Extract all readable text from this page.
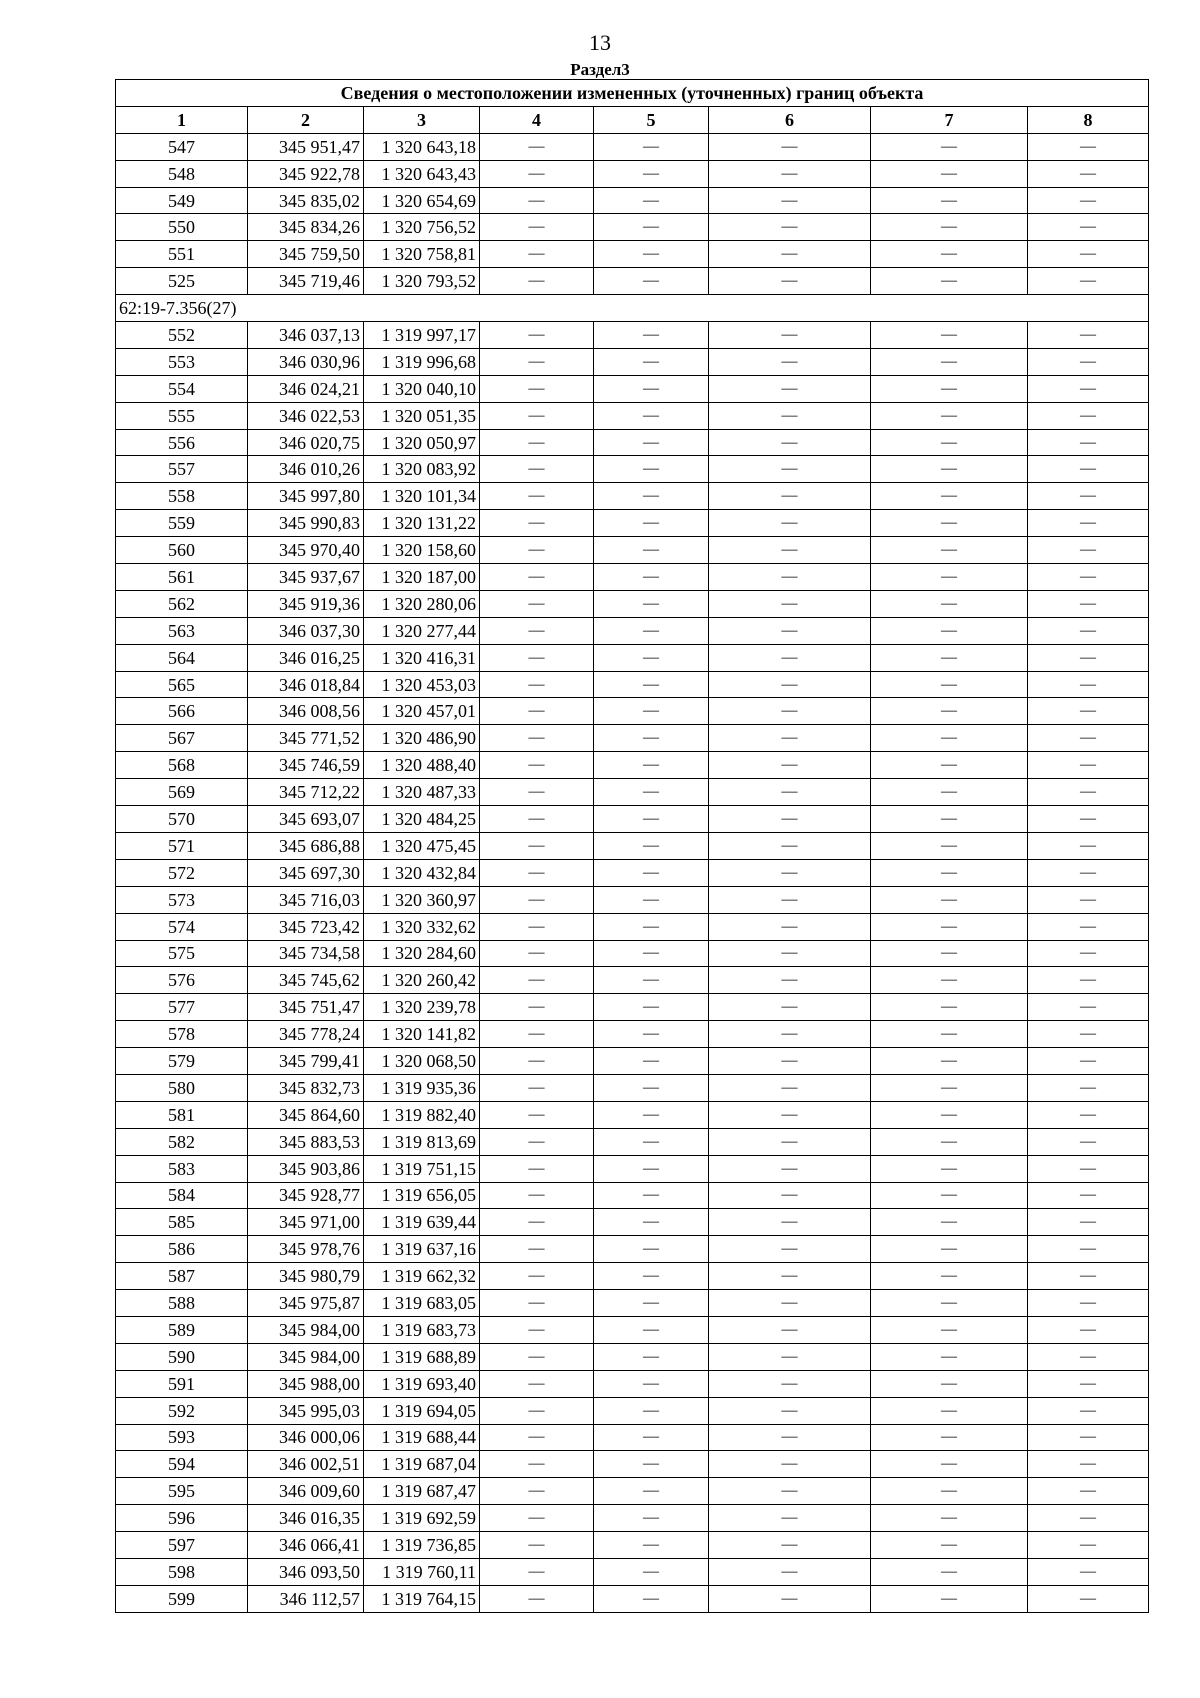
13
Раздел3
Сведения о местоположении измененных (уточненных) границ объекта							
1	2	3	4	5	6	7	8
547	345 951,47	1 320 643,18	—	—	—	—	—
548	345 922,78	1 320 643,43	—	—	—	—	—
549	345 835,02	1 320 654,69	—	—	—	—	—
550	345 834,26	1 320 756,52	—	—	—	—	—
551	345 759,50	1 320 758,81	—	—	—	—	—
525	345 719,46	1 320 793,52	—	—	—	—	—
62:19-7.356(27)							
552	346 037,13	1 319 997,17	—	—	—	—	—
553	346 030,96	1 319 996,68	—	—	—	—	—
554	346 024,21	1 320 040,10	—	—	—	—	—
555	346 022,53	1 320 051,35	—	—	—	—	—
556	346 020,75	1 320 050,97	—	—	—	—	—
557	346 010,26	1 320 083,92	—	—	—	—	—
558	345 997,80	1 320 101,34	—	—	—	—	—
559	345 990,83	1 320 131,22	—	—	—	—	—
560	345 970,40	1 320 158,60	—	—	—	—	—
561	345 937,67	1 320 187,00	—	—	—	—	—
562	345 919,36	1 320 280,06	—	—	—	—	—
563	346 037,30	1 320 277,44	—	—	—	—	—
564	346 016,25	1 320 416,31	—	—	—	—	—
565	346 018,84	1 320 453,03	—	—	—	—	—
566	346 008,56	1 320 457,01	—	—	—	—	—
567	345 771,52	1 320 486,90	—	—	—	—	—
568	345 746,59	1 320 488,40	—	—	—	—	—
569	345 712,22	1 320 487,33	—	—	—	—	—
570	345 693,07	1 320 484,25	—	—	—	—	—
571	345 686,88	1 320 475,45	—	—	—	—	—
572	345 697,30	1 320 432,84	—	—	—	—	—
573	345 716,03	1 320 360,97	—	—	—	—	—
574	345 723,42	1 320 332,62	—	—	—	—	—
575	345 734,58	1 320 284,60	—	—	—	—	—
576	345 745,62	1 320 260,42	—	—	—	—	—
577	345 751,47	1 320 239,78	—	—	—	—	—
578	345 778,24	1 320 141,82	—	—	—	—	—
579	345 799,41	1 320 068,50	—	—	—	—	—
580	345 832,73	1 319 935,36	—	—	—	—	—
581	345 864,60	1 319 882,40	—	—	—	—	—
582	345 883,53	1 319 813,69	—	—	—	—	—
583	345 903,86	1 319 751,15	—	—	—	—	—
584	345 928,77	1 319 656,05	—	—	—	—	—
585	345 971,00	1 319 639,44	—	—	—	—	—
586	345 978,76	1 319 637,16	—	—	—	—	—
587	345 980,79	1 319 662,32	—	—	—	—	—
588	345 975,87	1 319 683,05	—	—	—	—	—
589	345 984,00	1 319 683,73	—	—	—	—	—
590	345 984,00	1 319 688,89	—	—	—	—	—
591	345 988,00	1 319 693,40	—	—	—	—	—
592	345 995,03	1 319 694,05	—	—	—	—	—
593	346 000,06	1 319 688,44	—	—	—	—	—
594	346 002,51	1 319 687,04	—	—	—	—	—
595	346 009,60	1 319 687,47	—	—	—	—	—
596	346 016,35	1 319 692,59	—	—	—	—	—
597	346 066,41	1 319 736,85	—	—	—	—	—
598	346 093,50	1 319 760,11	—	—	—	—	—
599	346 112,57	1 319 764,15	—	—	—	—	—
